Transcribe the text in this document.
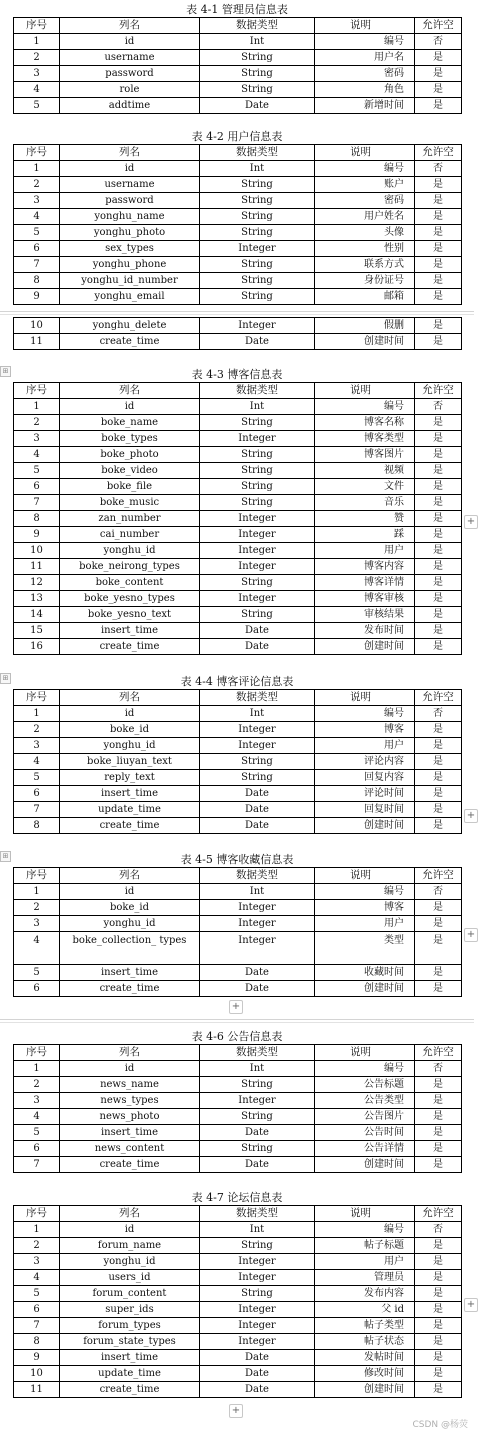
表 4-1 管理员信息表
序号	列名	数据类型	说明	允许空
1	id	Int	编号	否
2	username	String	用户名	是
3	password	String	密码	是
4	role	String	角色	是
5	addtime	Date	新增时间	是
表 4-2 用户信息表
序号	列名	数据类型	说明	允许空
1	id	Int	编号	否
2	username	String	账户	是
3	password	String	密码	是
4	yonghu_name	String	用户姓名	是
5	yonghu_photo	String	头像	是
6	sex_types	Integer	性别	是
7	yonghu_phone	String	联系方式	是
8	yonghu_id_number	String	身份证号	是
9	yonghu_email	String	邮箱	是
10	yonghu_delete	Integer	假删	是
11	create_time	Date	创建时间	是
表 4-3 博客信息表
序号	列名	数据类型	说明	允许空
1	id	Int	编号	否
2	boke_name	String	博客名称	是
3	boke_types	Integer	博客类型	是
4	boke_photo	String	博客图片	是
5	boke_video	String	视频	是
6	boke_file	String	文件	是
7	boke_music	String	音乐	是
8	zan_number	Integer	赞	是
9	cai_number	Integer	踩	是
10	yonghu_id	Integer	用户	是
11	boke_neirong_types	Integer	博客内容	是
12	boke_content	String	博客详情	是
13	boke_yesno_types	Integer	博客审核	是
14	boke_yesno_text	String	审核结果	是
15	insert_time	Date	发布时间	是
16	create_time	Date	创建时间	是
表 4-4 博客评论信息表
序号	列名	数据类型	说明	允许空
1	id	Int	编号	否
2	boke_id	Integer	博客	是
3	yonghu_id	Integer	用户	是
4	boke_liuyan_text	String	评论内容	是
5	reply_text	String	回复内容	是
6	insert_time	Date	评论时间	是
7	update_time	Date	回复时间	是
8	create_time	Date	创建时间	是
表 4-5 博客收藏信息表
序号	列名	数据类型	说明	允许空
1	id	Int	编号	否
2	boke_id	Integer	博客	是
3	yonghu_id	Integer	用户	是
4	boke_collection_ types	Integer	类型	是
5	insert_time	Date	收藏时间	是
6	create_time	Date	创建时间	是
表 4-6 公告信息表
序号	列名	数据类型	说明	允许空
1	id	Int	编号	否
2	news_name	String	公告标题	是
3	news_types	Integer	公告类型	是
4	news_photo	String	公告图片	是
5	insert_time	Date	公告时间	是
6	news_content	String	公告详情	是
7	create_time	Date	创建时间	是
表 4-7 论坛信息表
序号	列名	数据类型	说明	允许空
1	id	Int	编号	否
2	forum_name	String	帖子标题	是
3	yonghu_id	Integer	用户	是
4	users_id	Integer	管理员	是
5	forum_content	String	发布内容	是
6	super_ids	Integer	父 id	是
7	forum_types	Integer	帖子类型	是
8	forum_state_types	Integer	帖子状态	是
9	insert_time	Date	发帖时间	是
10	update_time	Date	修改时间	是
11	create_time	Date	创建时间	是
⊞
⊞
⊞
+
+
+
+
+
+
CSDN @杨荧
